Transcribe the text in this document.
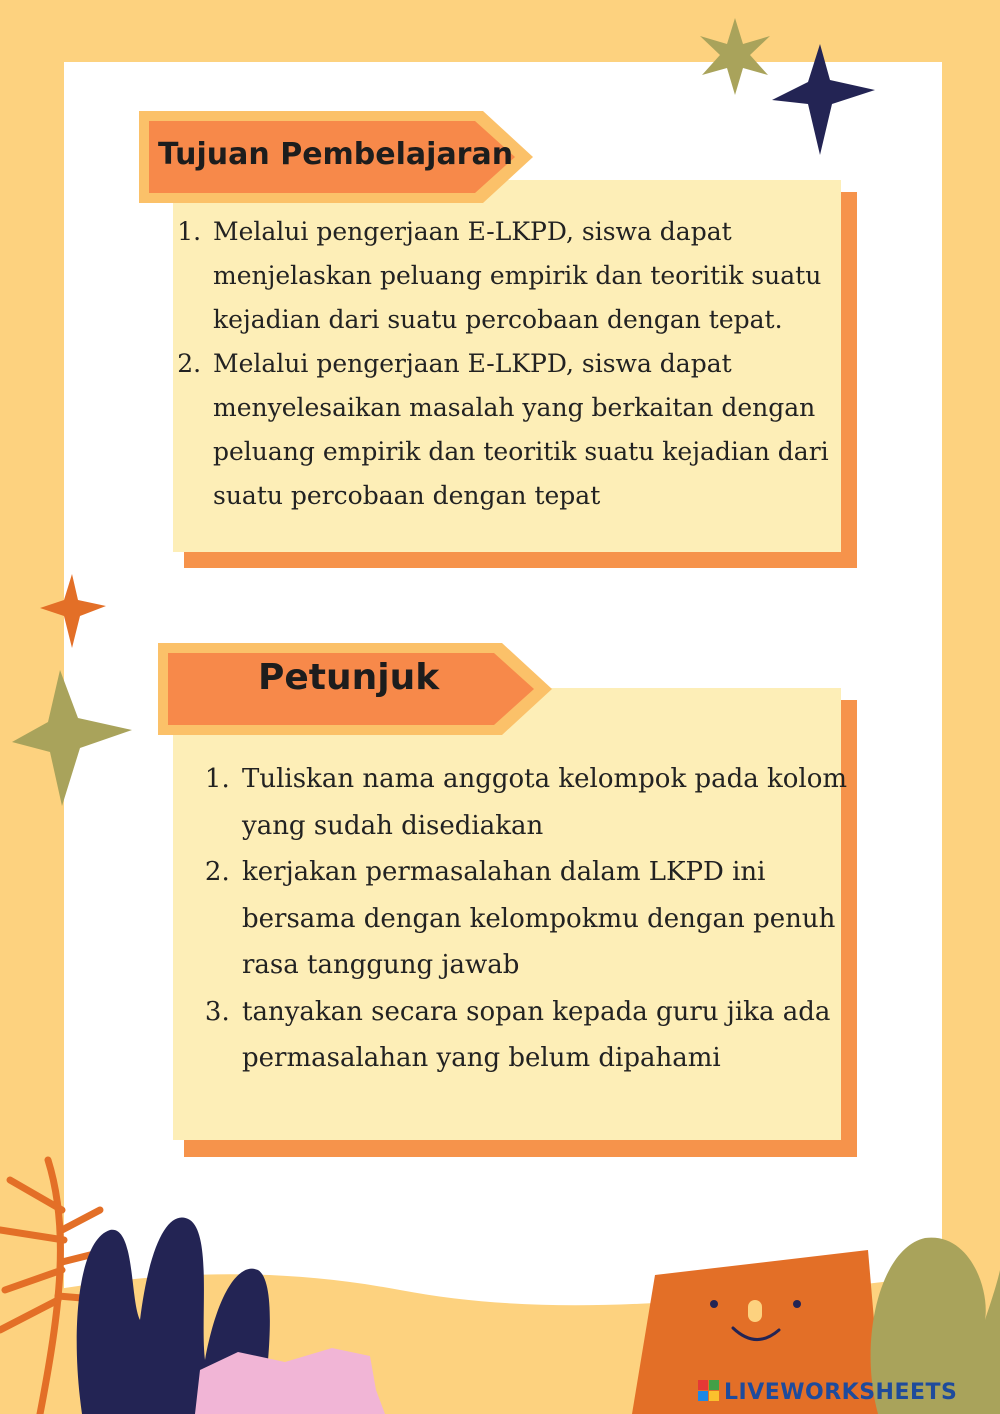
1. Melalui pengerjaan E-LKPD, siswa dapat menjelaskan peluang empirik dan teoritik suatu kejadian dari suatu percobaan dengan tepat.
2. Melalui pengerjaan E-LKPD, siswa dapat menyelesaikan masalah yang berkaitan dengan peluang empirik dan teoritik suatu kejadian dari suatu percobaan dengan tepat
Tujuan Pembelajaran
1. Tuliskan nama anggota kelompok pada kolom yang sudah disediakan
2. kerjakan permasalahan dalam LKPD ini bersama dengan kelompokmu dengan penuh rasa tanggung jawab
3. tanyakan secara sopan kepada guru jika ada permasalahan yang belum dipahami
Petunjuk
LIVEWORKSHEETS
